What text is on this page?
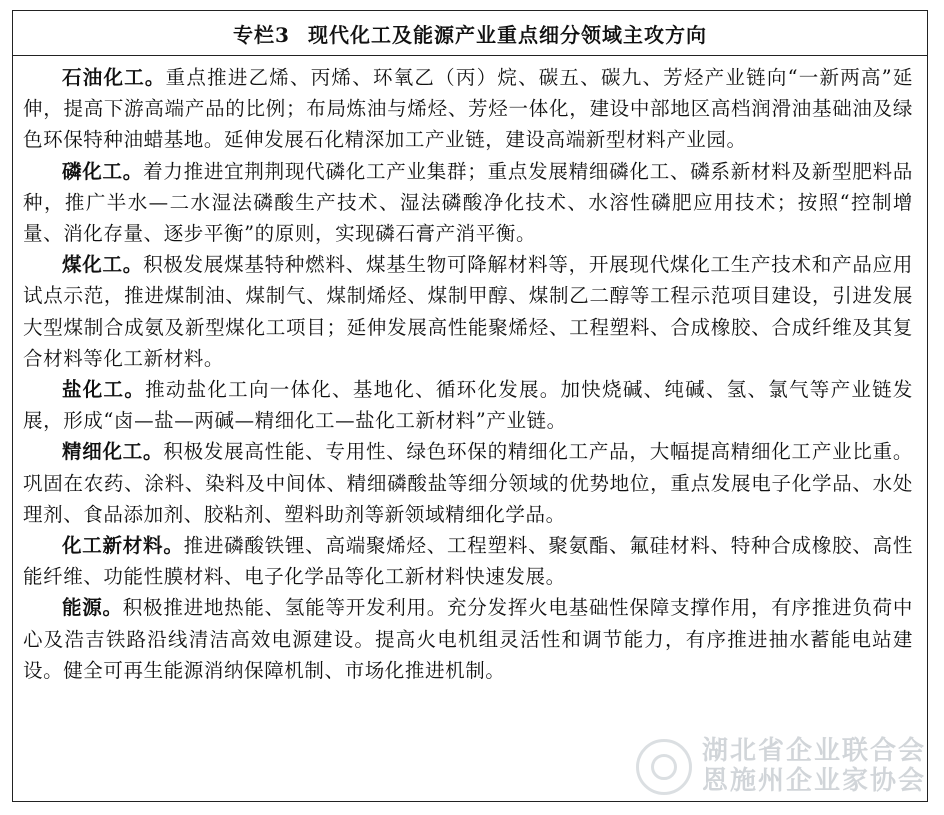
专栏3 现代化工及能源产业重点细分领域主攻方向

石油化工。重点推进乙烯、丙烯、环氧乙（丙）烷、碳五、碳九、芳烃产业链向“一新两高”延伸，提高下游高端产品的比例；布局炼油与烯烃、芳烃一体化，建设中部地区高档润滑油基础油及绿色环保特种油蜡基地。延伸发展石化精深加工产业链，建设高端新型材料产业园。

磷化工。着力推进宜荆荆现代磷化工产业集群；重点发展精细磷化工、磷系新材料及新型肥料品种，推广半水—二水湿法磷酸生产技术、湿法磷酸净化技术、水溶性磷肥应用技术；按照“控制增量、消化存量、逐步平衡”的原则，实现磷石膏产消平衡。

煤化工。积极发展煤基特种燃料、煤基生物可降解材料等，开展现代煤化工生产技术和产品应用试点示范，推进煤制油、煤制气、煤制烯烃、煤制甲醇、煤制乙二醇等工程示范项目建设，引进发展大型煤制合成氨及新型煤化工项目；延伸发展高性能聚烯烃、工程塑料、合成橡胶、合成纤维及其复合材料等化工新材料。

盐化工。推动盐化工向一体化、基地化、循环化发展。加快烧碱、纯碱、氢、氯气等产业链发展，形成“卤—盐—两碱—精细化工—盐化工新材料”产业链。

精细化工。积极发展高性能、专用性、绿色环保的精细化工产品，大幅提高精细化工产业比重。巩固在农药、涂料、染料及中间体、精细磷酸盐等细分领域的优势地位，重点发展电子化学品、水处理剂、食品添加剂、胶粘剂、塑料助剂等新领域精细化学品。

化工新材料。推进磷酸铁锂、高端聚烯烃、工程塑料、聚氨酯、氟硅材料、特种合成橡胶、高性能纤维、功能性膜材料、电子化学品等化工新材料快速发展。

能源。积极推进地热能、氢能等开发利用。充分发挥火电基础性保障支撑作用，有序推进负荷中心及浩吉铁路沿线清洁高效电源建设。提高火电机组灵活性和调节能力，有序推进抽水蓄能电站建设。健全可再生能源消纳保障机制、市场化推进机制。

湖北省企业联合会
恩施州企业家协会
